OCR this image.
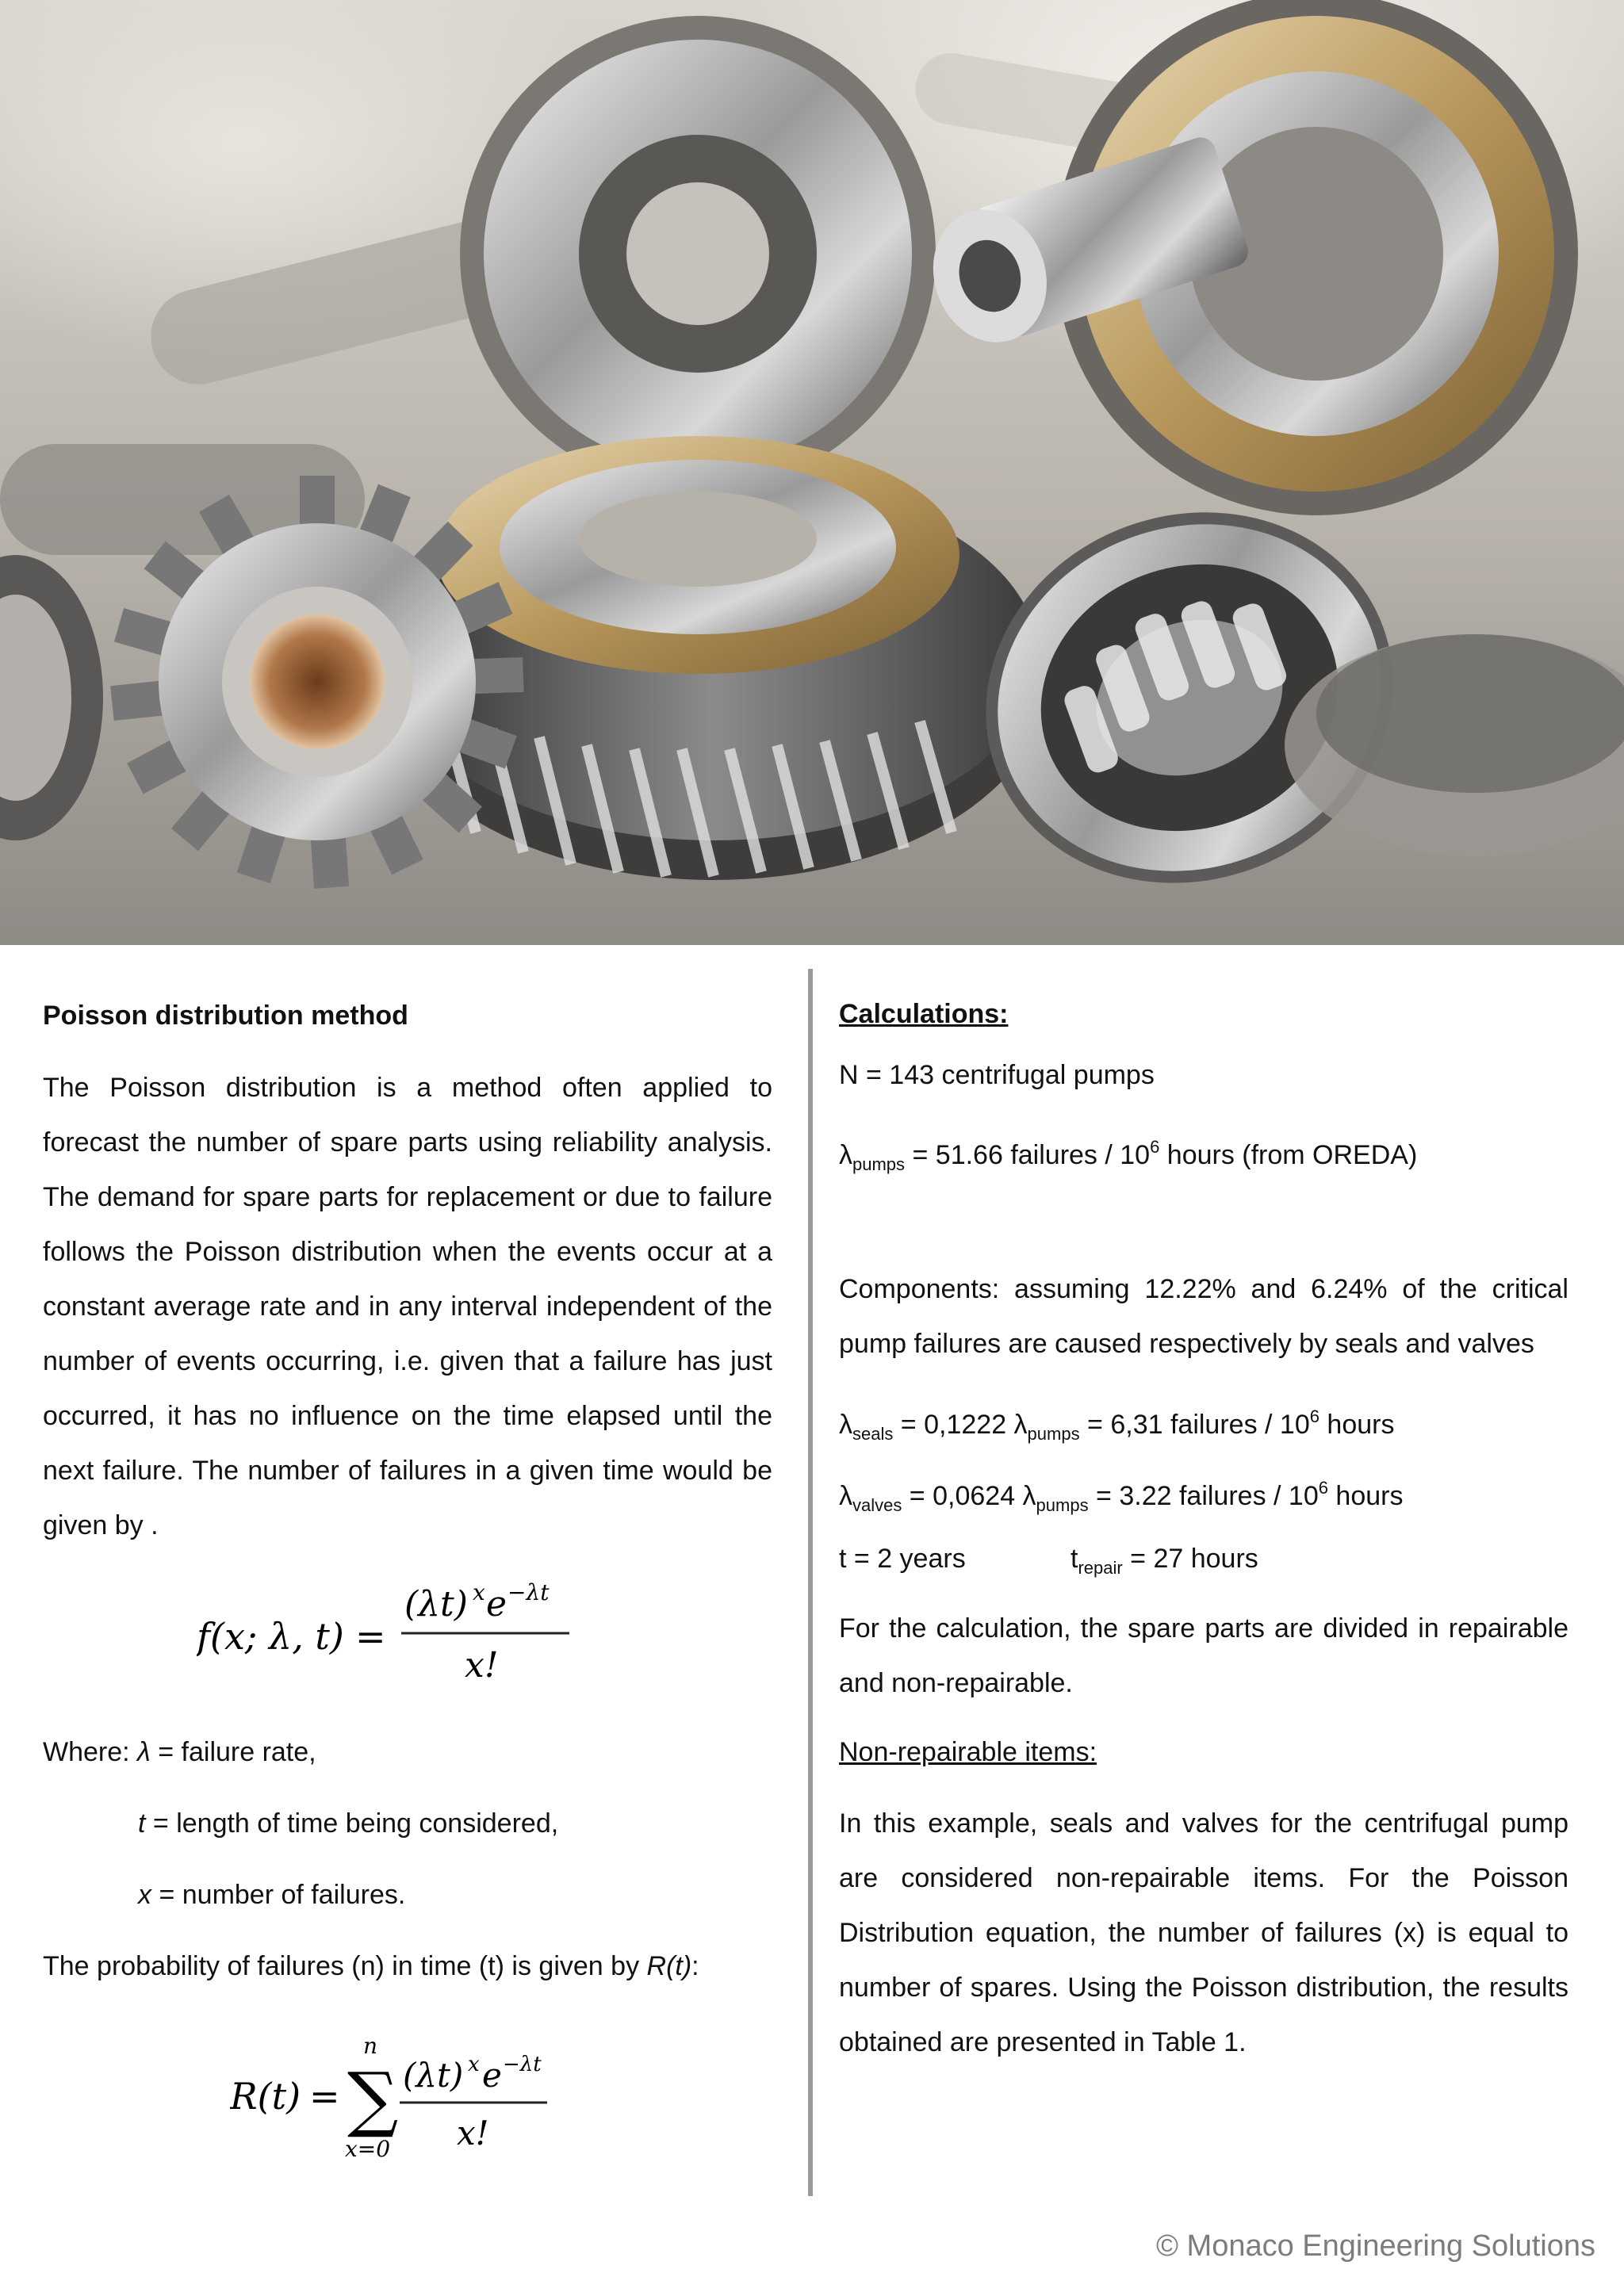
Poisson distribution method

The Poisson distribution is a method often applied to forecast the number of spare parts using reliability analysis. The demand for spare parts for replacement or due to failure follows the Poisson distribution when the events occur at a constant average rate and in any interval independent of the number of events occurring, i.e. given that a failure has just occurred, it has no influence on the time elapsed until the next failure. The number of failures in a given time would be given by .

f(x; λ, t) =
(λt) x e −λt
x!
Where: λ = failure rate,
t = length of time being considered,
x = number of failures.
The probability of failures (n) in time (t) is given by R(t):
R(t) =
n
∑
x=0
(λt) x e −λt
x!
Calculations:
N = 143 centrifugal pumps
$\lambda_{pumps} = 51.66$ failures / $10^6$ hours (from OREDA)

Components: assuming 12.22% and 6.24% of the critical pump failures are caused respectively by seals and valves

$\lambda_{seals} = 0,1222$ $\lambda_{pumps} = 6,31$ failures / $10^6$ hours
$\lambda_{valves} = 0,0624$ $\lambda_{pumps} = 3.22$ failures / $10^6$ hours
t = 2 years	$t_{repair} = 27$ hours

For the calculation, the spare parts are divided in repairable and non-repairable.

Non-repairable items:

In this example, seals and valves for the centrifugal pump are considered non-repairable items. For the Poisson Distribution equation, the number of failures (x) is equal to number of spares. Using the Poisson distribution, the results obtained are presented in Table 1.

© Monaco Engineering Solutions
